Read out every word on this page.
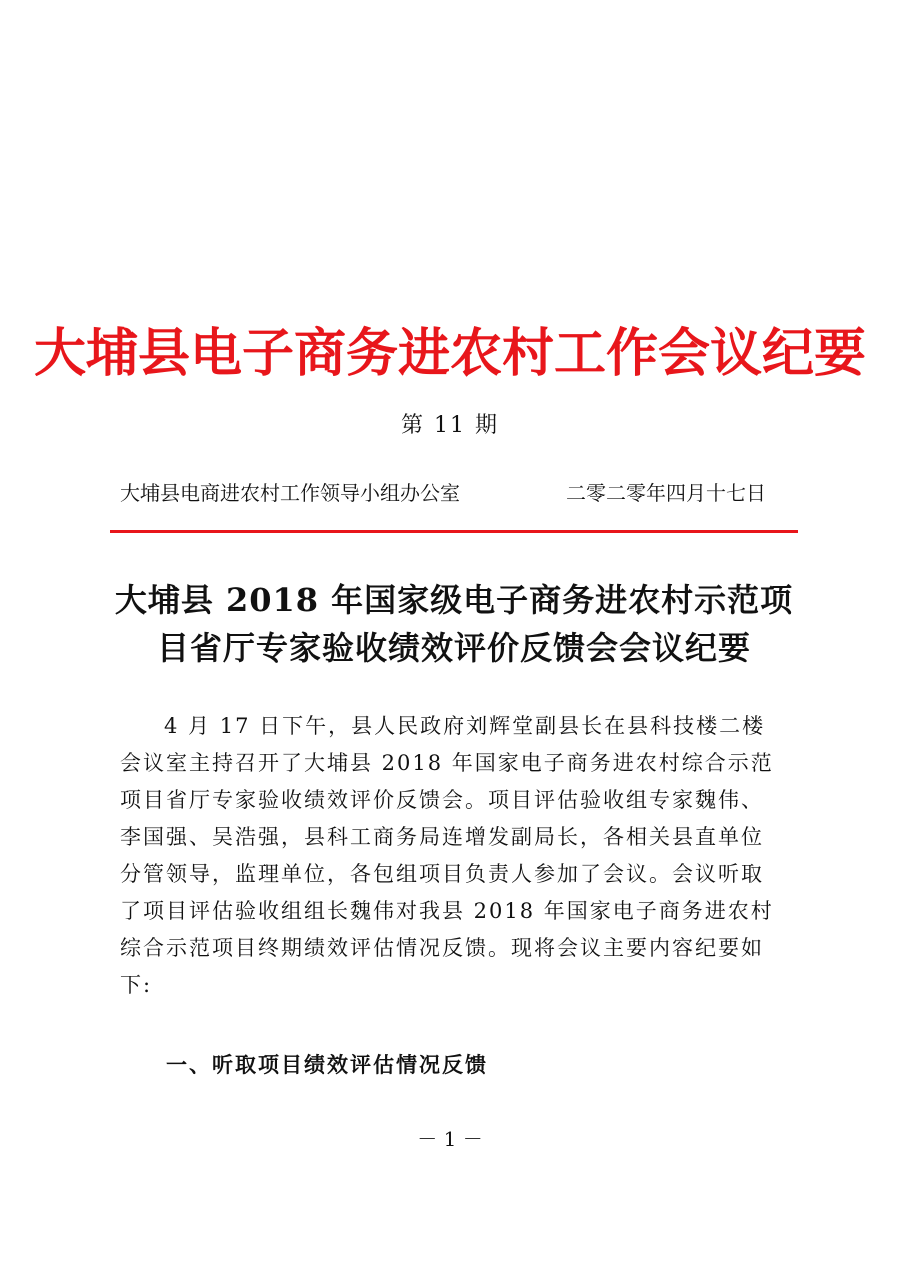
大埔县电子商务进农村工作会议纪要
第 11 期
大埔县电商进农村工作领导小组办公室	二零二零年四月十七日
大埔县 2018 年国家级电子商务进农村示范项
目省厅专家验收绩效评价反馈会会议纪要
4 月 17 日下午，县人民政府刘辉堂副县长在县科技楼二楼
会议室主持召开了大埔县 2018 年国家电子商务进农村综合示范
项目省厅专家验收绩效评价反馈会。项目评估验收组专家魏伟、
李国强、吴浩强，县科工商务局连增发副局长，各相关县直单位
分管领导，监理单位，各包组项目负责人参加了会议。会议听取
了项目评估验收组组长魏伟对我县 2018 年国家电子商务进农村
综合示范项目终期绩效评估情况反馈。现将会议主要内容纪要如
下:
一、听取项目绩效评估情况反馈
－ 1 －
